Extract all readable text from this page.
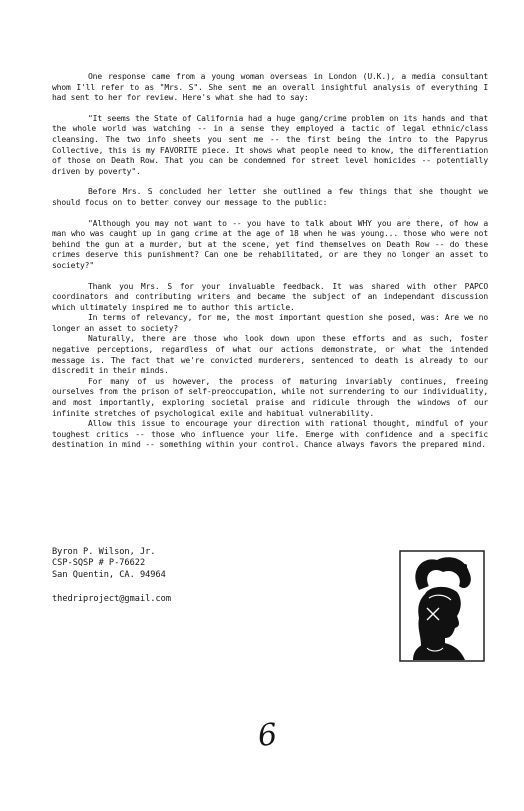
One response came from a young woman overseas in London (U.K.), a media consultant whom I'll refer to as "Mrs. S". She sent me an overall insightful analysis of everything I had sent to her for review. Here's what she had to say:

"It seems the State of California had a huge gang/crime problem on its hands and that the whole world was watching -- in a sense they employed a tactic of legal ethnic/class cleansing. The two info sheets you sent me -- the first being the intro to the Papyrus Collective, this is my FAVORITE piece. It shows what people need to know, the differentiation of those on Death Row. That you can be condemned for street level homicides -- potentially driven by poverty".

Before Mrs. S concluded her letter she outlined a few things that she thought we should focus on to better convey our message to the public:

"Although you may not want to -- you have to talk about WHY you are there, of how a man who was caught up in gang crime at the age of 18 when he was young... those who were not behind the gun at a murder, but at the scene, yet find themselves on Death Row -- do these crimes deserve this punishment? Can one be rehabilitated, or are they no longer an asset to society?"

Thank you Mrs. S for your invaluable feedback. It was shared with other PAPCO coordinators and contributing writers and became the subject of an independant discussion which ultimately inspired me to author this article.

In terms of relevancy, for me, the most important question she posed, was: Are we no longer an asset to society?

Naturally, there are those who look down upon these efforts and as such, foster negative perceptions, regardless of what our actions demonstrate, or what the intended message is. The fact that we're convicted murderers, sentenced to death is already to our discredit in their minds.

For many of us however, the process of maturing invariably continues, freeing ourselves from the prison of self-preoccupation, while not surrendering to our individuality, and most importantly, exploring societal praise and ridicule through the windows of our infinite stretches of psychological exile and habitual vulnerability.

Allow this issue to encourage your direction with rational thought, mindful of your toughest critics -- those who influence your life. Emerge with confidence and a specific destination in mind -- something within your control. Chance always favors the prepared mind.

Byron P. Wilson, Jr.
CSP-SQSP # P-76622
San Quentin, CA. 94964
thedriproject@gmail.com
6
